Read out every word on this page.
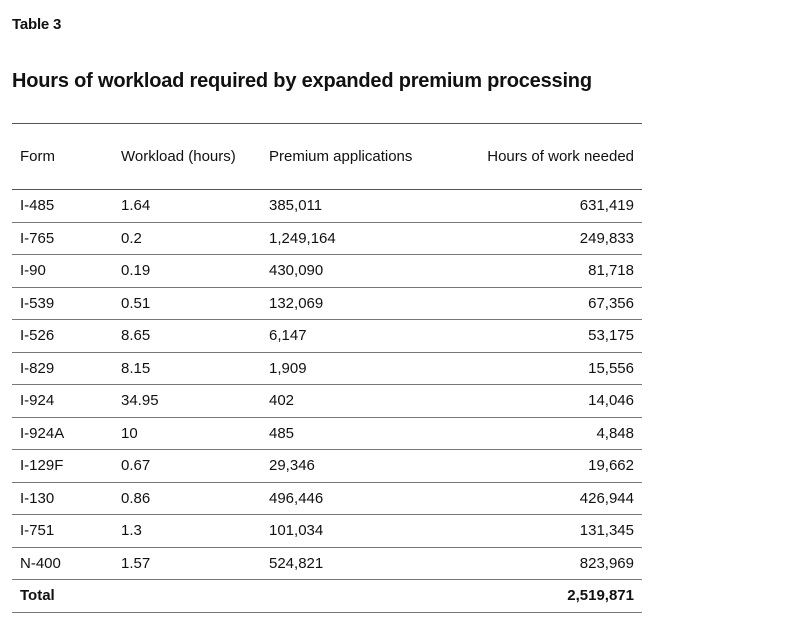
Table 3
Hours of workload required by expanded premium processing
Form	Workload (hours)	Premium applications	Hours of work needed
I-485	1.64	385,011	631,419
I-765	0.2	1,249,164	249,833
I-90	0.19	430,090	81,718
I-539	0.51	132,069	67,356
I-526	8.65	6,147	53,175
I-829	8.15	1,909	15,556
I-924	34.95	402	14,046
I-924A	10	485	4,848
I-129F	0.67	29,346	19,662
I-130	0.86	496,446	426,944
I-751	1.3	101,034	131,345
N-400	1.57	524,821	823,969
Total			2,519,871
